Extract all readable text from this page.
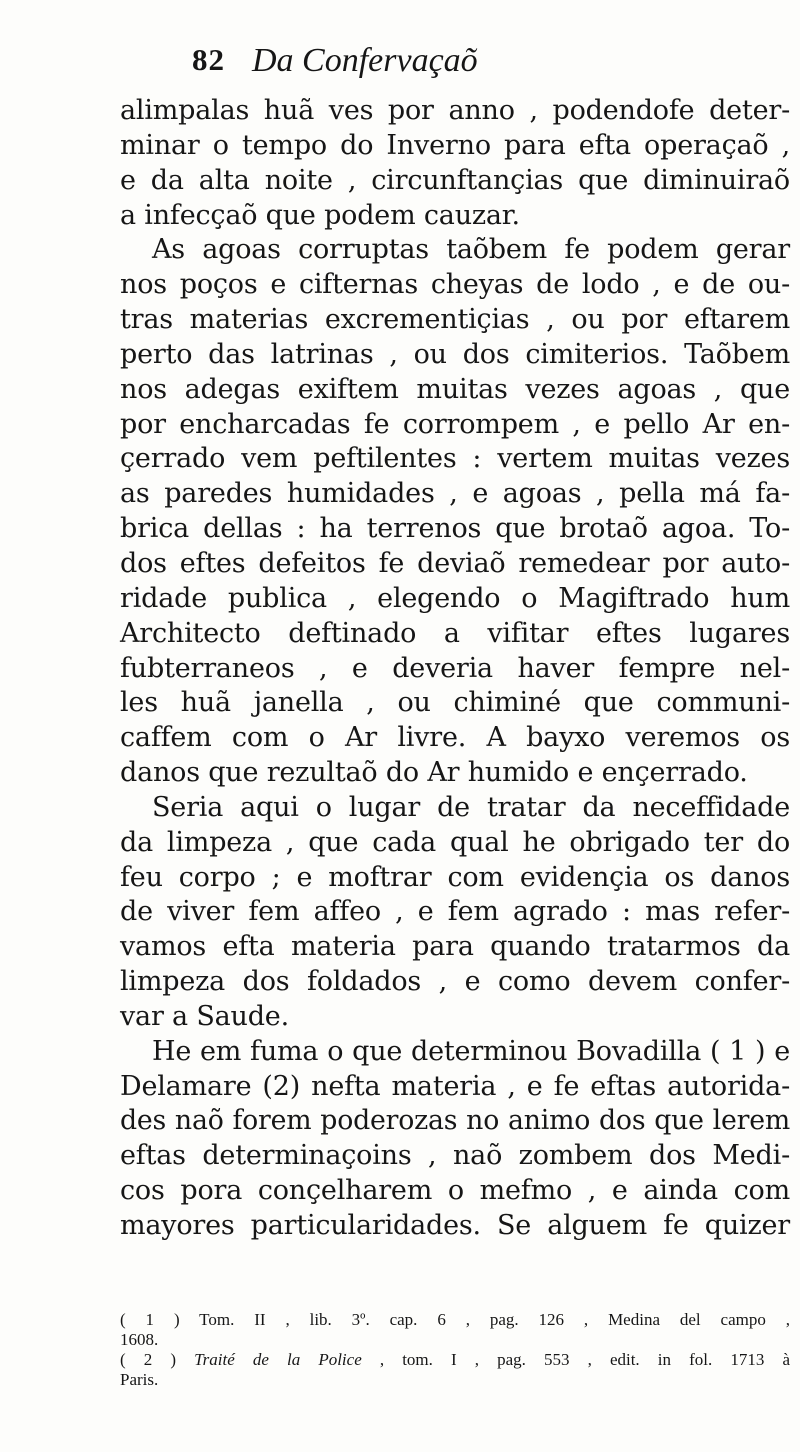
82 Da Confervaçaõ
alimpalas huã ves por anno , podendofe deter-
minar o tempo do Inverno para efta operaçaõ ,
e da alta noite , circunftançias que diminuiraõ
a infecçaõ que podem cauzar.
As agoas corruptas taõbem fe podem gerar
nos poços e cifternas cheyas de lodo , e de ou-
tras materias excrementiçias , ou por eftarem
perto das latrinas , ou dos cimiterios. Taõbem
nos adegas exiftem muitas vezes agoas , que
por encharcadas fe corrompem , e pello Ar en-
çerrado vem peftilentes : vertem muitas vezes
as paredes humidades , e agoas , pella má fa-
brica dellas : ha terrenos que brotaõ agoa. To-
dos eftes defeitos fe deviaõ remedear por auto-
ridade publica , elegendo o Magiftrado hum
Architecto deftinado a vifitar eftes lugares
fubterraneos , e deveria haver fempre nel-
les huã janella , ou chiminé que communi-
caffem com o Ar livre. A bayxo veremos os
danos que rezultaõ do Ar humido e ençerrado.
Seria aqui o lugar de tratar da neceffidade
da limpeza , que cada qual he obrigado ter do
feu corpo ; e moftrar com evidençia os danos
de viver fem affeo , e fem agrado : mas refer-
vamos efta materia para quando tratarmos da
limpeza dos foldados , e como devem confer-
var a Saude.
He em fuma o que determinou Bovadilla ( 1 ) e
Delamare (2) nefta materia , e fe eftas autorida-
des naõ forem poderozas no animo dos que lerem
eftas determinaçoins , naõ zombem dos Medi-
cos pora conçelharem o mefmo , e ainda com
mayores particularidades. Se alguem fe quizer
( 1 ) Tom. II , lib. 3º. cap. 6 , pag. 126 , Medina del campo ,
1608.
( 2 ) Traité de la Police , tom. I , pag. 553 , edit. in fol. 1713 à
Paris.
